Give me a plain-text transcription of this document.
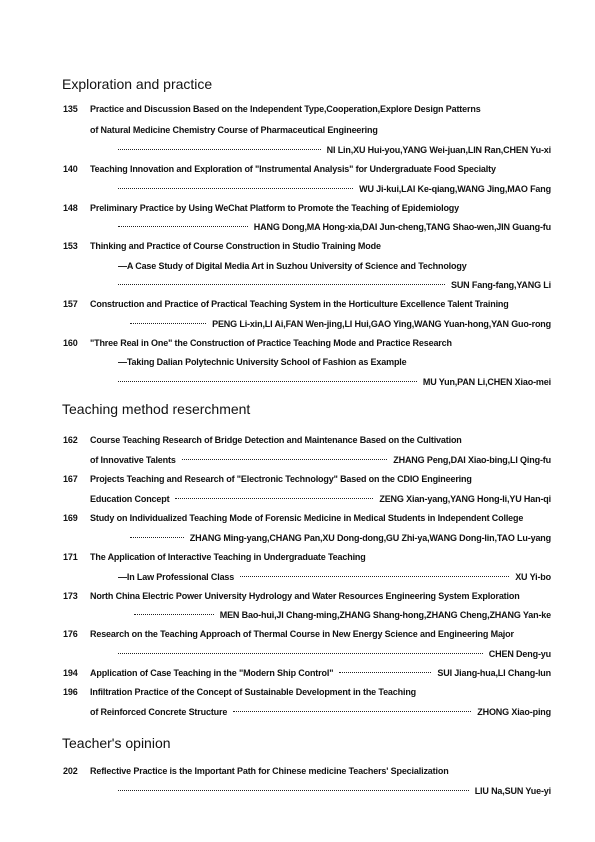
Exploration and practice
Teaching method reserchment
Teacher's opinion
135	Practice and Discussion Based on the Independent Type,Cooperation,Explore Design Patterns
of Natural Medicine Chemistry Course of Pharmaceutical Engineering
NI Lin,XU Hui-you,YANG Wei-juan,LIN Ran,CHEN Yu-xi
140	Teaching Innovation and Exploration of "Instrumental Analysis" for Undergraduate Food Specialty
WU Ji-kui,LAI Ke-qiang,WANG Jing,MAO Fang
148	Preliminary Practice by Using WeChat Platform to Promote the Teaching of Epidemiology
HANG Dong,MA Hong-xia,DAI Jun-cheng,TANG Shao-wen,JIN Guang-fu
153	Thinking and Practice of Course Construction in Studio Training Mode
—A Case Study of Digital Media Art in Suzhou University of Science and Technology
SUN Fang-fang,YANG Li
157	Construction and Practice of Practical Teaching System in the Horticulture Excellence Talent Training
PENG Li-xin,LI Ai,FAN Wen-jing,LI Hui,GAO Ying,WANG Yuan-hong,YAN Guo-rong
160	"Three Real in One" the Construction of Practice Teaching Mode and Practice Research
—Taking Dalian Polytechnic University School of Fashion as Example
MU Yun,PAN Li,CHEN Xiao-mei
162	Course Teaching Research of Bridge Detection and Maintenance Based on the Cultivation
of Innovative Talents	ZHANG Peng,DAI Xiao-bing,LI Qing-fu
167	Projects Teaching and Research of "Electronic Technology" Based on the CDIO Engineering
Education Concept	ZENG Xian-yang,YANG Hong-li,YU Han-qi
169	Study on Individualized Teaching Mode of Forensic Medicine in Medical Students in Independent College
ZHANG Ming-yang,CHANG Pan,XU Dong-dong,GU Zhi-ya,WANG Dong-lin,TAO Lu-yang
171	The Application of Interactive Teaching in Undergraduate Teaching
—In Law Professional Class	XU Yi-bo
173	North China Electric Power University Hydrology and Water Resources Engineering System Exploration
MEN Bao-hui,JI Chang-ming,ZHANG Shang-hong,ZHANG Cheng,ZHANG Yan-ke
176	Research on the Teaching Approach of Thermal Course in New Energy Science and Engineering Major
CHEN Deng-yu
194	Application of Case Teaching in the "Modern Ship Control"	SUI Jiang-hua,LI Chang-lun
196	Infiltration Practice of the Concept of Sustainable Development in the Teaching
of Reinforced Concrete Structure	ZHONG Xiao-ping
202	Reflective Practice is the Important Path for Chinese medicine Teachers' Specialization
LIU Na,SUN Yue-yi
